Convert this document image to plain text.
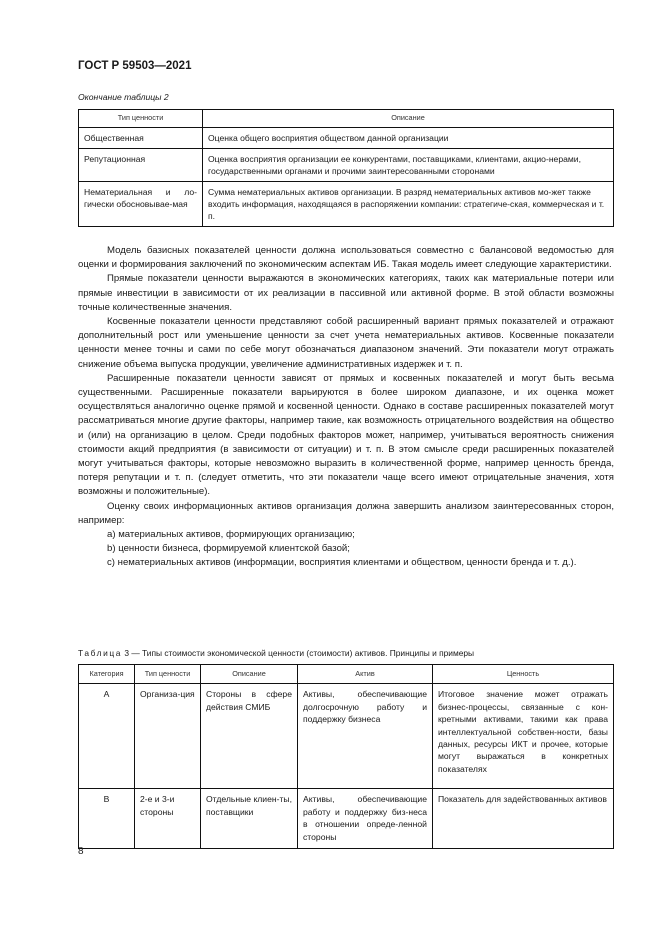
ГОСТ Р 59503—2021
Окончание таблицы 2
Тип ценности	Описание
Общественная	Оценка общего восприятия обществом данной организации
Репутационная	Оценка восприятия организации ее конкурентами, поставщиками, клиентами, акцио-нерами, государственными органами и прочими заинтересованными сторонами
Нематериальная и ло-гически обосновывае-мая	Сумма нематериальных активов организации. В разряд нематериальных активов мо-жет также входить информация, находящаяся в распоряжении компании: стратегиче-ская, коммерческая и т. п.

Модель базисных показателей ценности должна использоваться совместно с балансовой ведомостью для оценки и формирования заключений по экономическим аспектам ИБ. Такая модель имеет следующие характеристики.

Прямые показатели ценности выражаются в экономических категориях, таких как материальные потери или прямые инвестиции в зависимости от их реализации в пассивной или активной форме. В этой области возможны точные количественные значения.

Косвенные показатели ценности представляют собой расширенный вариант прямых показателей и отражают дополнительный рост или уменьшение ценности за счет учета нематериальных активов. Косвенные показатели ценности менее точны и сами по себе могут обозначаться диапазоном значений. Эти показатели могут отражать снижение объема выпуска продукции, увеличение административных издержек и т. п.

Расширенные показатели ценности зависят от прямых и косвенных показателей и могут быть весьма существенными. Расширенные показатели варьируются в более широком диапазоне, и их оценка может осуществляться аналогично оценке прямой и косвенной ценности. Однако в составе расширенных показателей могут рассматриваться многие другие факторы, например такие, как возможность отрицательного воздействия на общество и (или) на организацию в целом. Среди подобных факторов может, например, учитываться вероятность снижения стоимости акций предприятия (в зависимости от ситуации) и т. п. В этом смысле среди расширенных показателей могут учитываться факторы, которые невозможно выразить в количественной форме, например ценность бренда, потеря репутации и т. п. (следует отметить, что эти показатели чаще всего имеют отрицательные значения, хотя возможны и положительные).

Оценку своих информационных активов организация должна завершить анализом заинтересованных сторон, например:

а) материальных активов, формирующих организацию;

b) ценности бизнеса, формируемой клиентской базой;

c) нематериальных активов (информации, восприятия клиентами и обществом, ценности бренда и т. д.).

Таблица 3 — Типы стоимости экономической ценности (стоимости) активов. Принципы и примеры
Категория	Тип ценности	Описание	Актив	Ценность
A	Организа-ция	Стороны в сфере действия СМИБ	Активы, обеспечивающие долгосрочную работу и поддержку бизнеса	Итоговое значение может отражать бизнес-процессы, связанные с кон-кретными активами, такими как права интеллектуальной собствен-ности, базы данных, ресурсы ИКТ и прочее, которые могут выражаться в конкретных показателях
B	2-е и 3-и стороны	Отдельные клиен-ты, поставщики	Активы, обеспечивающие работу и поддержку биз-неса в отношении опреде-ленной стороны	Показатель для задействованных активов
8
